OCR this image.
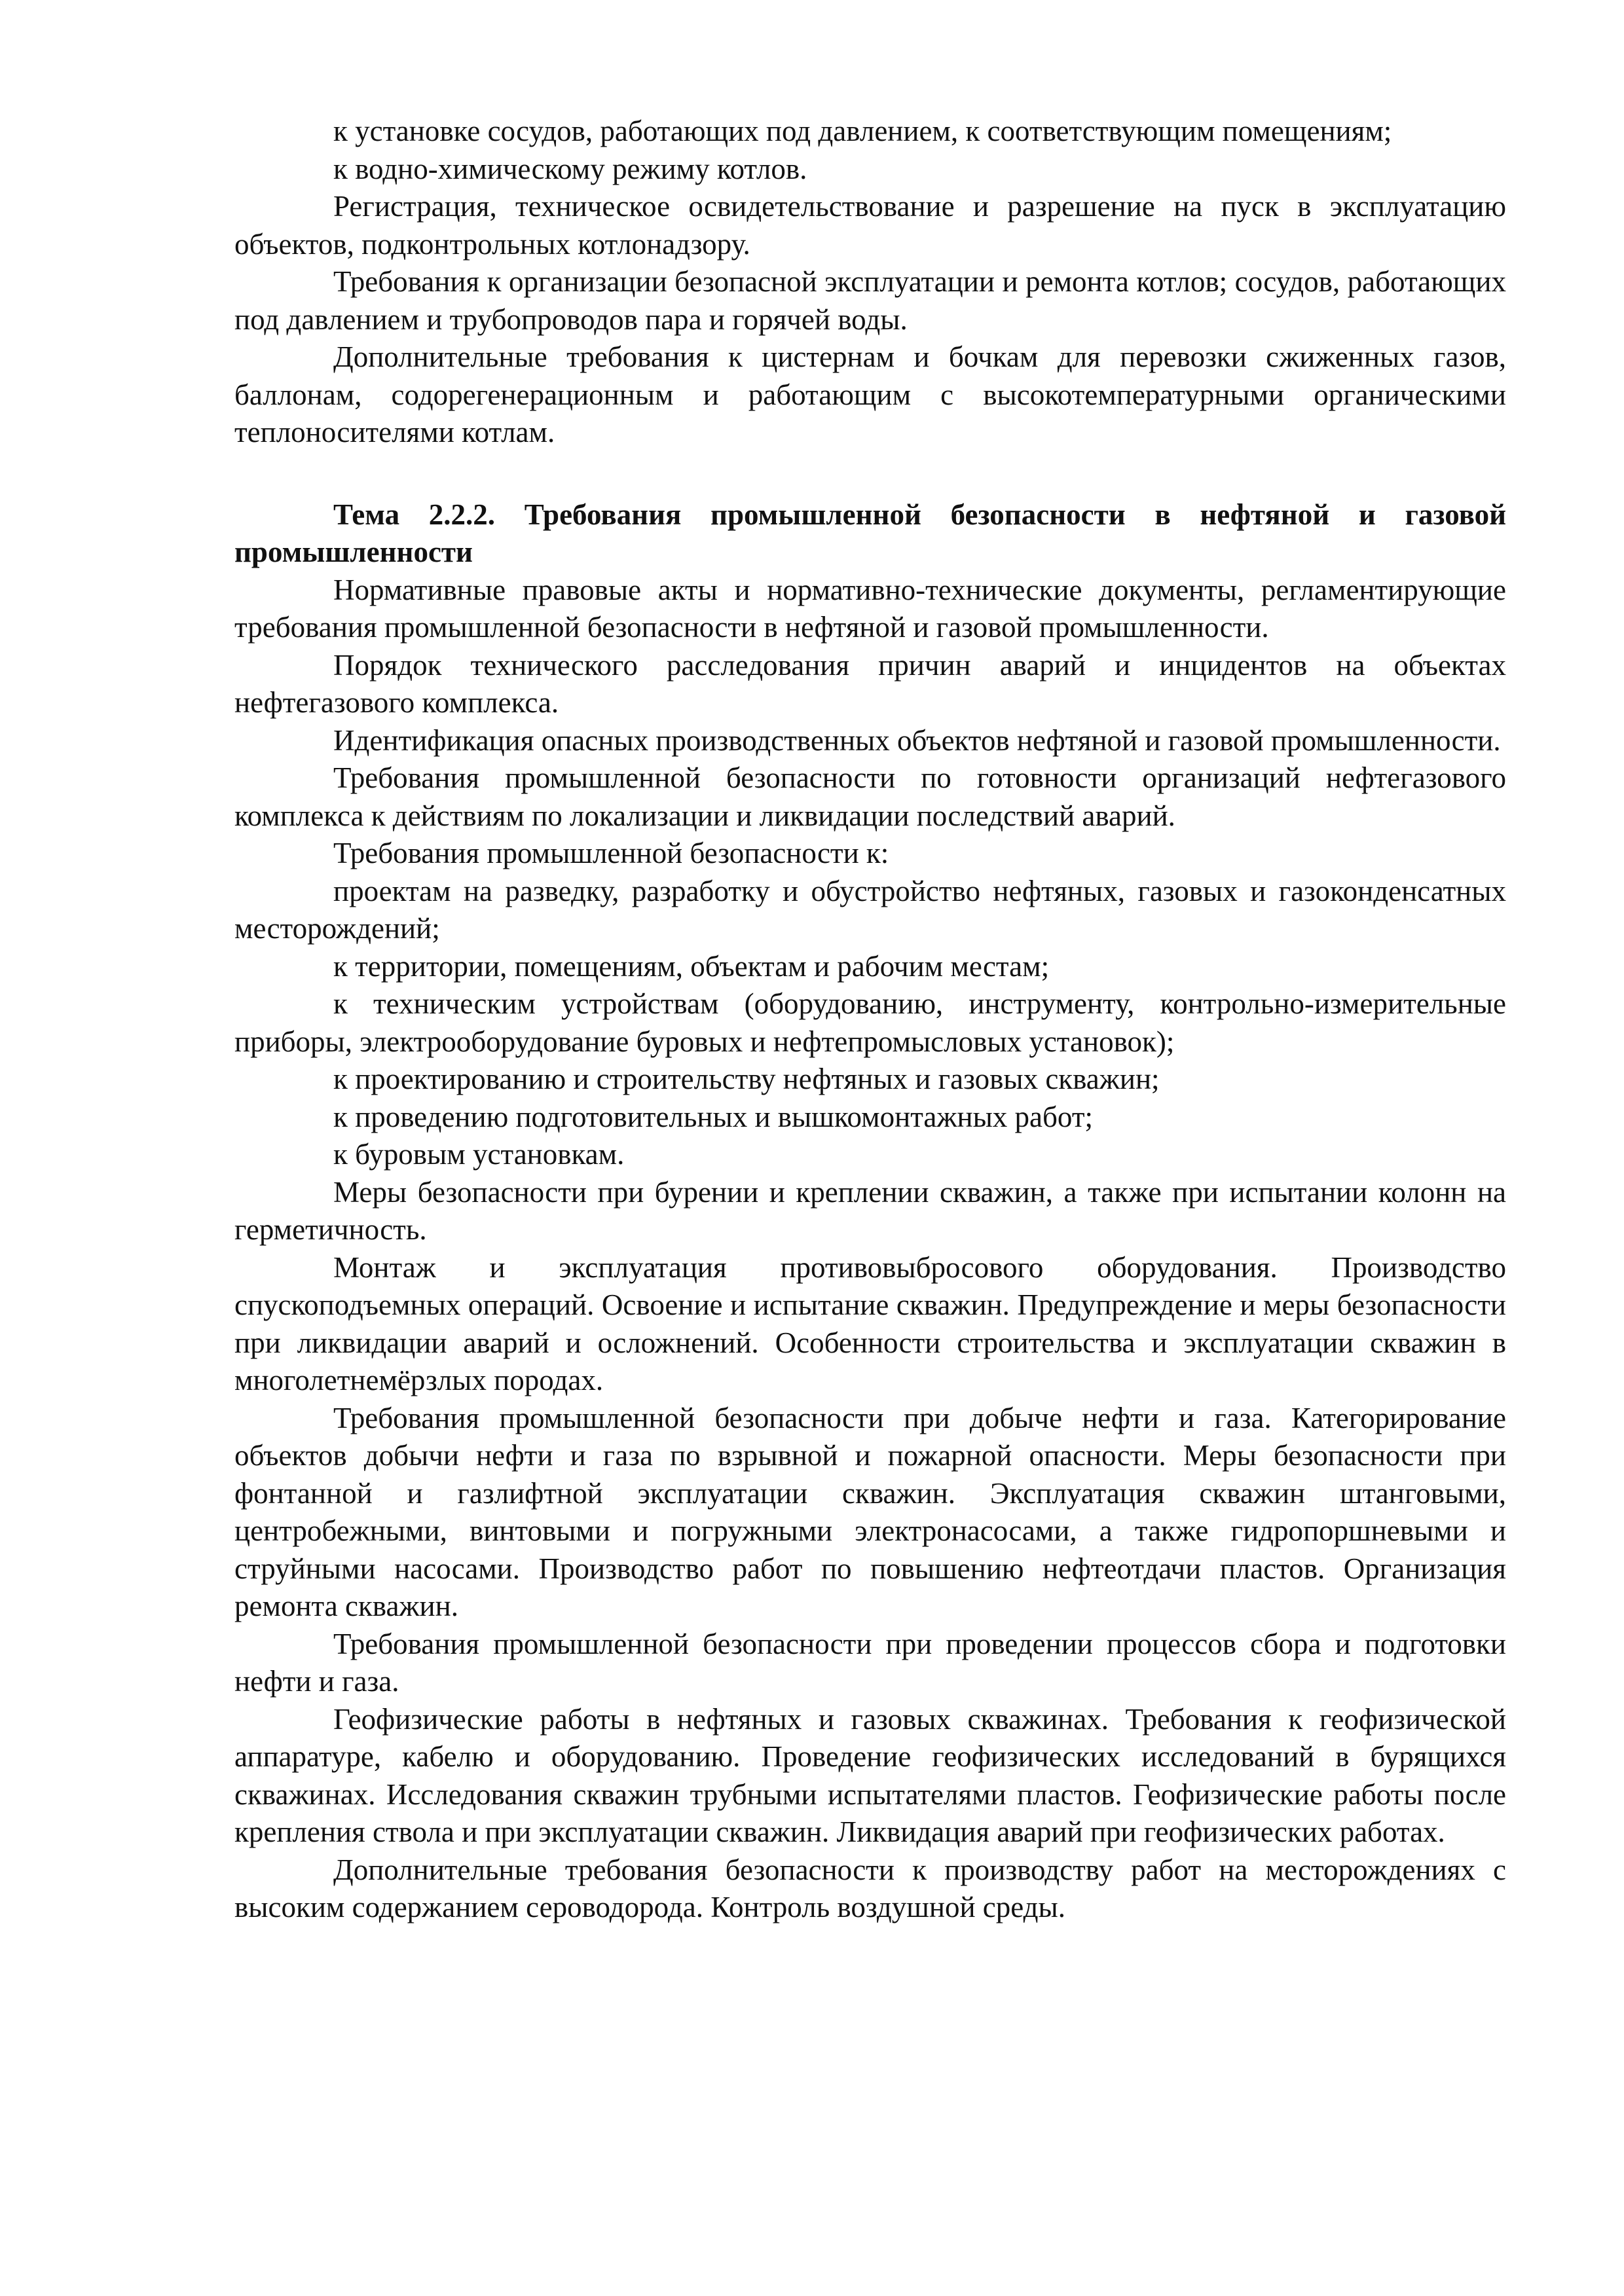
к установке сосудов, работающих под давлением, к соответствующим помещениям;

к водно-химическому режиму котлов.

Регистрация, техническое освидетельствование и разрешение на пуск в эксплуатацию объектов, подконтрольных котлонадзору.

Требования к организации безопасной эксплуатации и ремонта котлов; сосудов, работающих под давлением и трубопроводов пара и горячей воды.

Дополнительные требования к цистернам и бочкам для перевозки сжиженных газов, баллонам, содорегенерационным и работающим с высокотемпературными органическими теплоносителями котлам.

Тема 2.2.2. Требования промышленной безопасности в нефтяной и газовой промышленности

Нормативные правовые акты и нормативно-технические документы, регламентирующие требования промышленной безопасности в нефтяной и газовой промышленности.

Порядок технического расследования причин аварий и инцидентов на объектах нефтегазового комплекса.

Идентификация опасных производственных объектов нефтяной и газовой промышленности.

Требования промышленной безопасности по готовности организаций нефтегазового комплекса к действиям по локализации и ликвидации последствий аварий.

Требования промышленной безопасности к:

проектам на разведку, разработку и обустройство нефтяных, газовых и газоконденсатных месторождений;

к территории, помещениям, объектам и рабочим местам;

к техническим устройствам (оборудованию, инструменту, контрольно-измерительные приборы, электрооборудование буровых и нефтепромысловых установок);

к проектированию и строительству нефтяных и газовых скважин;

к проведению подготовительных и вышкомонтажных работ;

к буровым установкам.

Меры безопасности при бурении и креплении скважин, а также при испытании колонн на герметичность.

Монтаж и эксплуатация противовыбросового оборудования. Производство спускоподъемных операций. Освоение и испытание скважин. Предупреждение и меры безопасности при ликвидации аварий и осложнений. Особенности строительства и эксплуатации скважин в многолетнемёрзлых породах.

Требования промышленной безопасности при добыче нефти и газа. Категорирование объектов добычи нефти и газа по взрывной и пожарной опасности. Меры безопасности при фонтанной и газлифтной эксплуатации скважин. Эксплуатация скважин штанговыми, центробежными, винтовыми и погружными электронасосами, а также гидропоршневыми и струйными насосами. Производство работ по повышению нефтеотдачи пластов. Организация ремонта скважин.

Требования промышленной безопасности при проведении процессов сбора и подготовки нефти и газа.

Геофизические работы в нефтяных и газовых скважинах. Требования к геофизической аппаратуре, кабелю и оборудованию. Проведение геофизических исследований в бурящихся скважинах. Исследования скважин трубными испытателями пластов. Геофизические работы после крепления ствола и при эксплуатации скважин. Ликвидация аварий при геофизических работах.

Дополнительные требования безопасности к производству работ на месторождениях с высоким содержанием сероводорода. Контроль воздушной среды.
